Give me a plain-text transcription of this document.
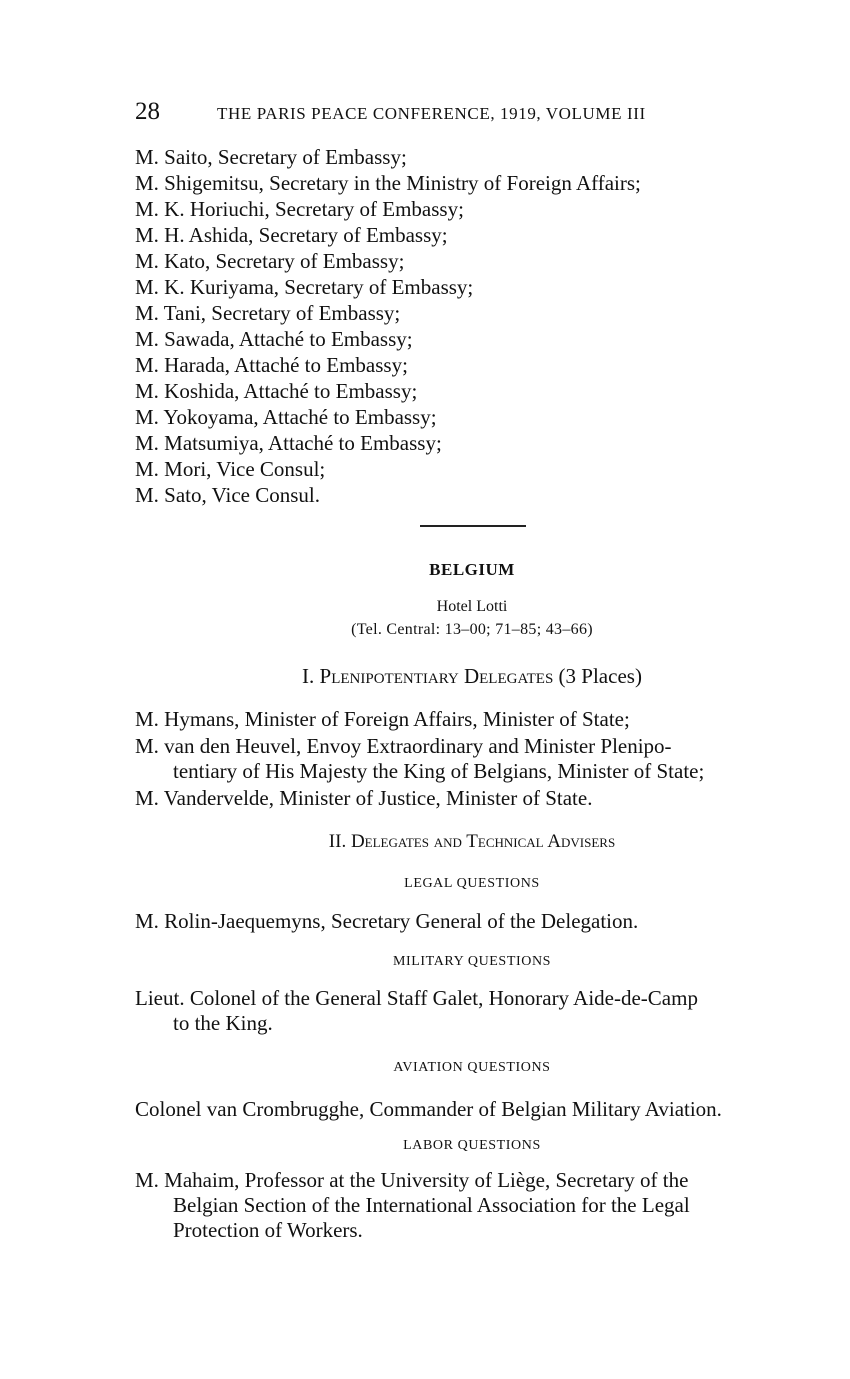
28	THE PARIS PEACE CONFERENCE, 1919, VOLUME III
M. Saito, Secretary of Embassy;
M. Shigemitsu, Secretary in the Ministry of Foreign Affairs;
M. K. Horiuchi, Secretary of Embassy;
M. H. Ashida, Secretary of Embassy;
M. Kato, Secretary of Embassy;
M. K. Kuriyama, Secretary of Embassy;
M. Tani, Secretary of Embassy;
M. Sawada, Attaché to Embassy;
M. Harada, Attaché to Embassy;
M. Koshida, Attaché to Embassy;
M. Yokoyama, Attaché to Embassy;
M. Matsumiya, Attaché to Embassy;
M. Mori, Vice Consul;
M. Sato, Vice Consul.
BELGIUM
Hotel Lotti
(Tel. Central: 13–00; 71–85; 43–66)
I. Plenipotentiary Delegates (3 Places)
M. Hymans, Minister of Foreign Affairs, Minister of State;
M. van den Heuvel, Envoy Extraordinary and Minister Plenipo-
tentiary of His Majesty the King of Belgians, Minister of State;
M. Vandervelde, Minister of Justice, Minister of State.
II. Delegates and Technical Advisers
LEGAL QUESTIONS
M. Rolin-Jaequemyns, Secretary General of the Delegation.
MILITARY QUESTIONS
Lieut. Colonel of the General Staff Galet, Honorary Aide-de-Camp
to the King.
AVIATION QUESTIONS
Colonel van Crombrugghe, Commander of Belgian Military Aviation.
LABOR QUESTIONS
M. Mahaim, Professor at the University of Liège, Secretary of the
Belgian Section of the International Association for the Legal
Protection of Workers.
